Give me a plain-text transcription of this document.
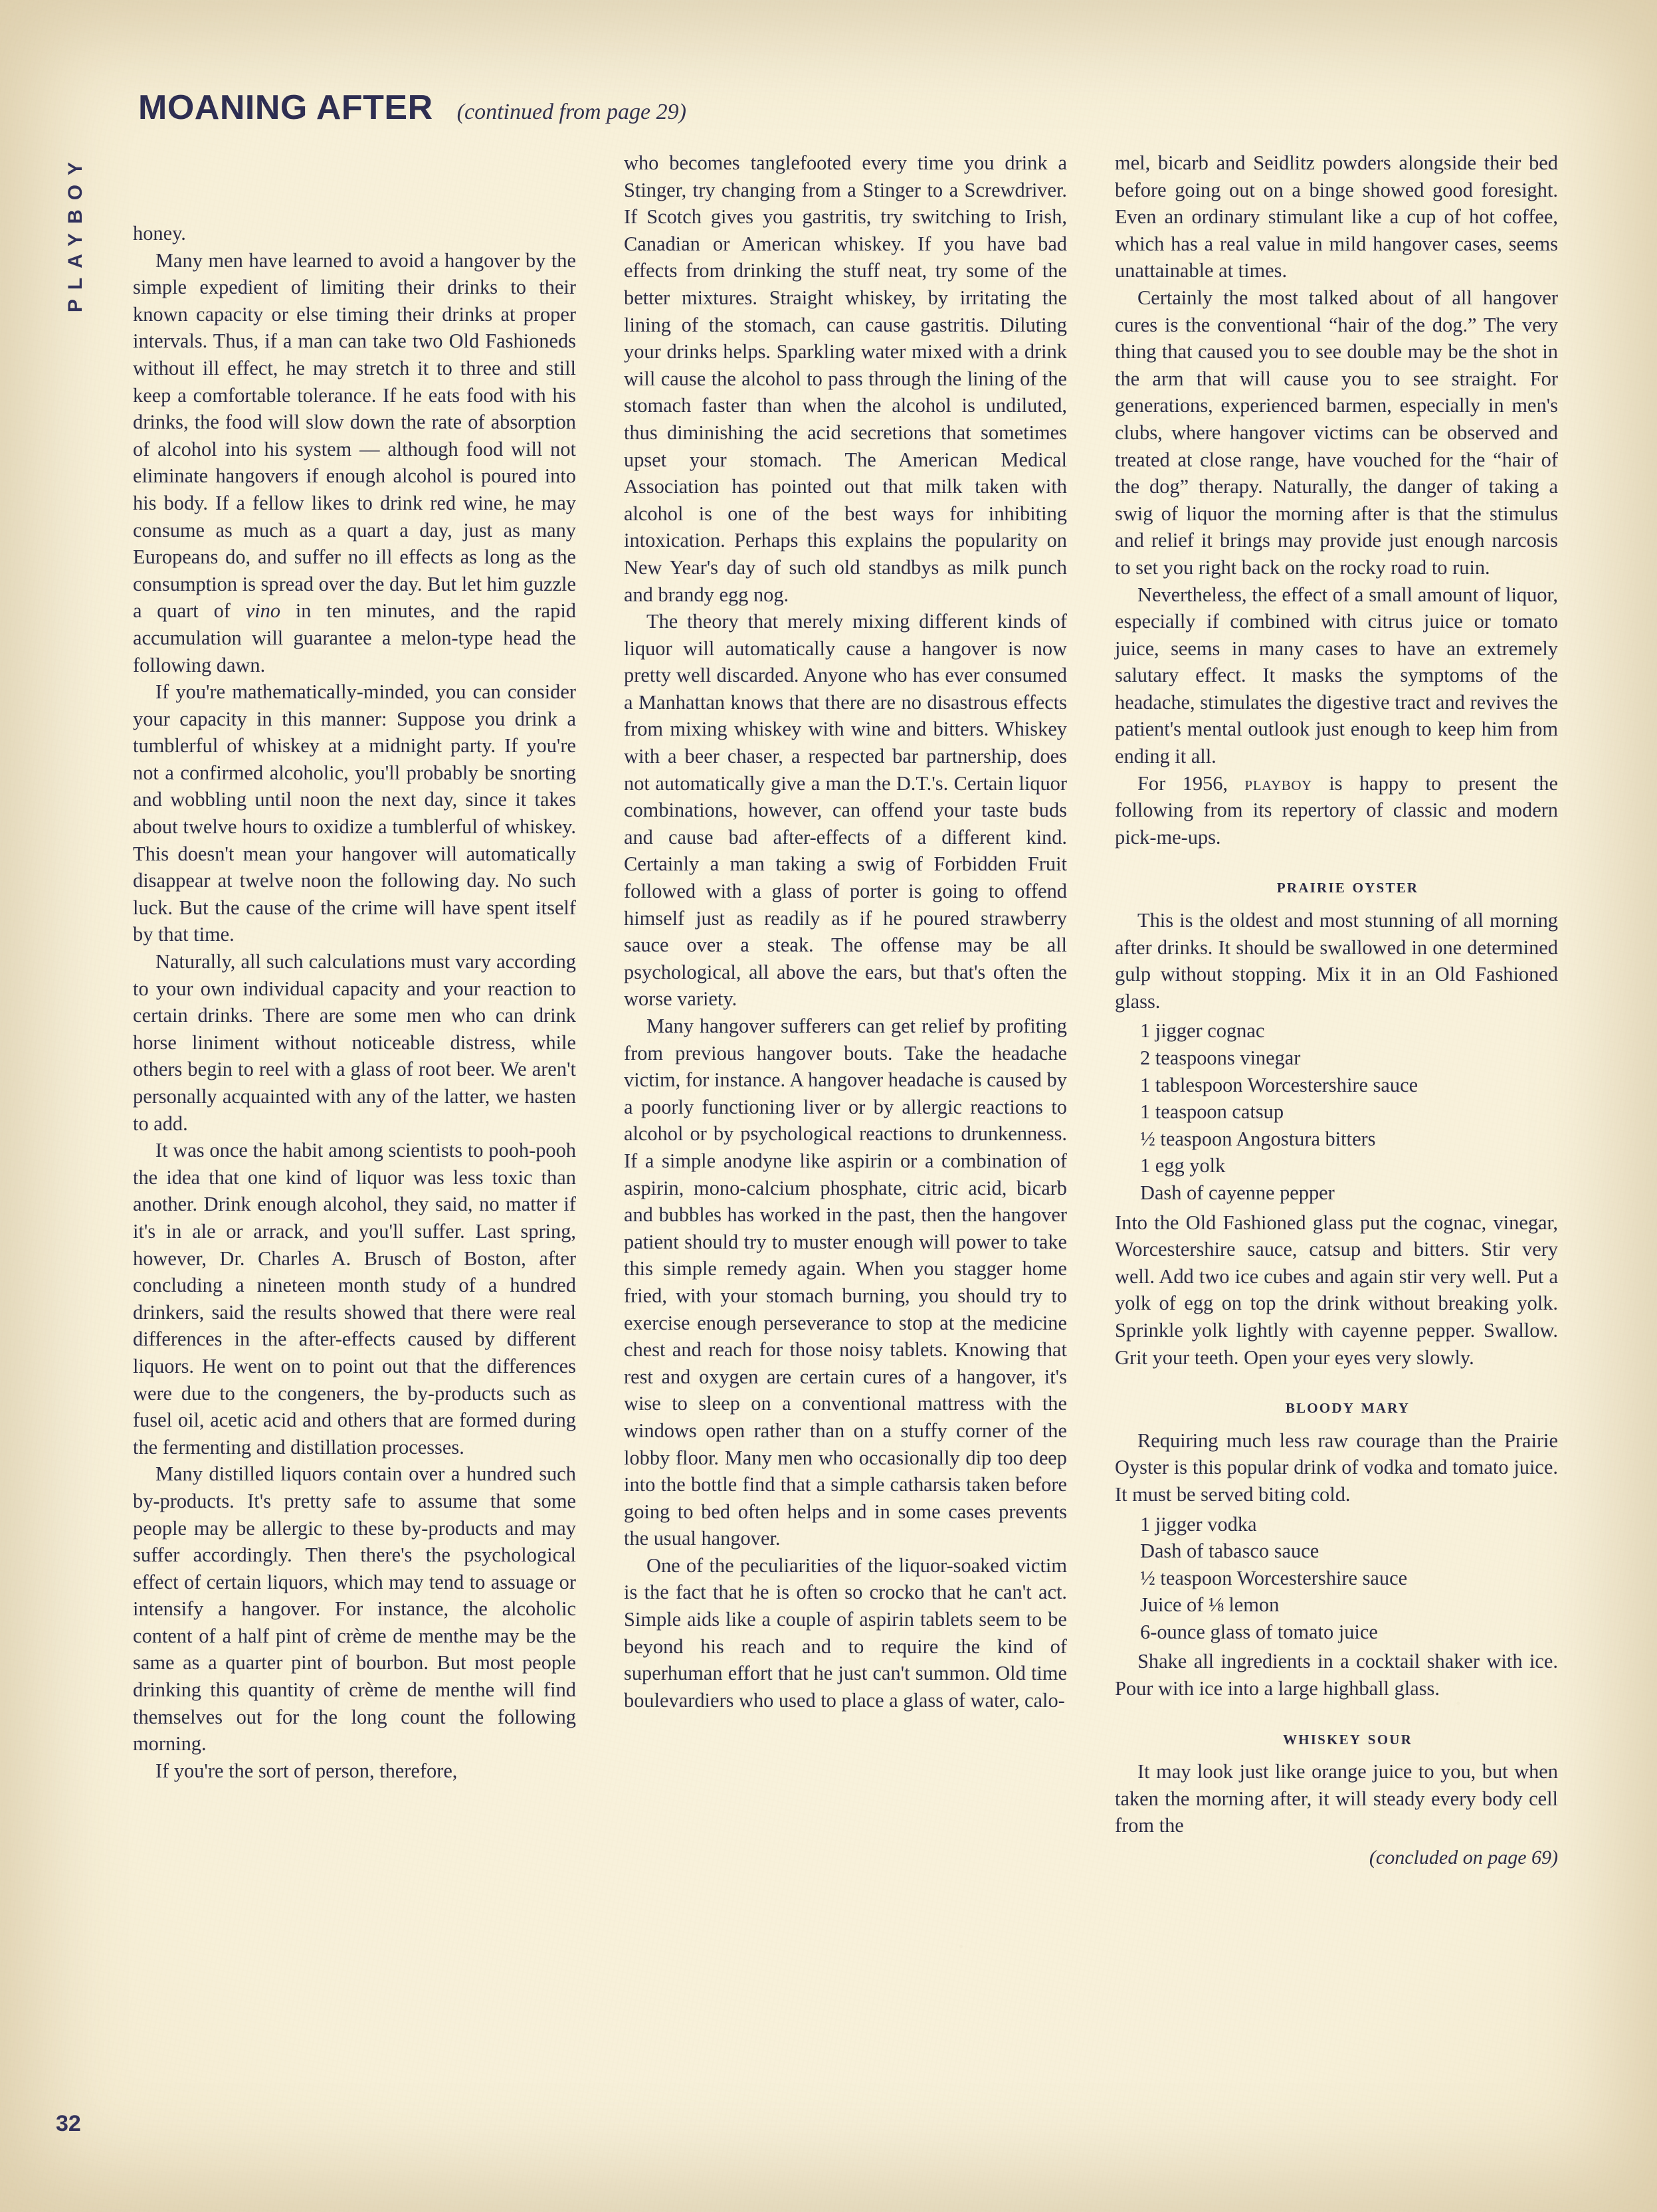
PLAYBOY
MOANING AFTER (continued from page 29)

honey.

Many men have learned to avoid a hangover by the simple expedient of limiting their drinks to their known capacity or else timing their drinks at proper intervals. Thus, if a man can take two Old Fashioneds without ill effect, he may stretch it to three and still keep a comfortable tolerance. If he eats food with his drinks, the food will slow down the rate of absorption of alcohol into his system — although food will not eliminate hangovers if enough alcohol is poured into his body. If a fellow likes to drink red wine, he may consume as much as a quart a day, just as many Europeans do, and suffer no ill effects as long as the consumption is spread over the day. But let him guzzle a quart of vino in ten minutes, and the rapid accumulation will guarantee a melon-type head the following dawn.

If you're mathematically-minded, you can consider your capacity in this manner: Suppose you drink a tumblerful of whiskey at a midnight party. If you're not a confirmed alcoholic, you'll probably be snorting and wobbling until noon the next day, since it takes about twelve hours to oxidize a tumblerful of whiskey. This doesn't mean your hangover will automatically disappear at twelve noon the following day. No such luck. But the cause of the crime will have spent itself by that time.

Naturally, all such calculations must vary according to your own individual capacity and your reaction to certain drinks. There are some men who can drink horse liniment without noticeable distress, while others begin to reel with a glass of root beer. We aren't personally acquainted with any of the latter, we hasten to add.

It was once the habit among scientists to pooh-pooh the idea that one kind of liquor was less toxic than another. Drink enough alcohol, they said, no matter if it's in ale or arrack, and you'll suffer. Last spring, however, Dr. Charles A. Brusch of Boston, after concluding a nineteen month study of a hundred drinkers, said the results showed that there were real differences in the after-effects caused by different liquors. He went on to point out that the differences were due to the congeners, the by-products such as fusel oil, acetic acid and others that are formed during the fermenting and distillation processes.

Many distilled liquors contain over a hundred such by-products. It's pretty safe to assume that some people may be allergic to these by-products and may suffer accordingly. Then there's the psychological effect of certain liquors, which may tend to assuage or intensify a hangover. For instance, the alcoholic content of a half pint of crème de menthe may be the same as a quarter pint of bourbon. But most people drinking this quantity of crème de menthe will find themselves out for the long count the following morning.

If you're the sort of person, therefore,

who becomes tanglefooted every time you drink a Stinger, try changing from a Stinger to a Screwdriver. If Scotch gives you gastritis, try switching to Irish, Canadian or American whiskey. If you have bad effects from drinking the stuff neat, try some of the better mixtures. Straight whiskey, by irritating the lining of the stomach, can cause gastritis. Diluting your drinks helps. Sparkling water mixed with a drink will cause the alcohol to pass through the lining of the stomach faster than when the alcohol is undiluted, thus diminishing the acid secretions that sometimes upset your stomach. The American Medical Association has pointed out that milk taken with alcohol is one of the best ways for inhibiting intoxication. Perhaps this explains the popularity on New Year's day of such old standbys as milk punch and brandy egg nog.

The theory that merely mixing different kinds of liquor will automatically cause a hangover is now pretty well discarded. Anyone who has ever consumed a Manhattan knows that there are no disastrous effects from mixing whiskey with wine and bitters. Whiskey with a beer chaser, a respected bar partnership, does not automatically give a man the D.T.'s. Certain liquor combinations, however, can offend your taste buds and cause bad after-effects of a different kind. Certainly a man taking a swig of Forbidden Fruit followed with a glass of porter is going to offend himself just as readily as if he poured strawberry sauce over a steak. The offense may be all psychological, all above the ears, but that's often the worse variety.

Many hangover sufferers can get relief by profiting from previous hangover bouts. Take the headache victim, for instance. A hangover headache is caused by a poorly functioning liver or by allergic reactions to alcohol or by psychological reactions to drunkenness. If a simple anodyne like aspirin or a combination of aspirin, mono-calcium phosphate, citric acid, bicarb and bubbles has worked in the past, then the hangover patient should try to muster enough will power to take this simple remedy again. When you stagger home fried, with your stomach burning, you should try to exercise enough perseverance to stop at the medicine chest and reach for those noisy tablets. Knowing that rest and oxygen are certain cures of a hangover, it's wise to sleep on a conventional mattress with the windows open rather than on a stuffy corner of the lobby floor. Many men who occasionally dip too deep into the bottle find that a simple catharsis taken before going to bed often helps and in some cases prevents the usual hangover.

One of the peculiarities of the liquor-soaked victim is the fact that he is often so crocko that he can't act. Simple aids like a couple of aspirin tablets seem to be beyond his reach and to require the kind of superhuman effort that he just can't summon. Old time boulevardiers who used to place a glass of water, calo-

mel, bicarb and Seidlitz powders alongside their bed before going out on a binge showed good foresight. Even an ordinary stimulant like a cup of hot coffee, which has a real value in mild hangover cases, seems unattainable at times.

Certainly the most talked about of all hangover cures is the conventional “hair of the dog.” The very thing that caused you to see double may be the shot in the arm that will cause you to see straight. For generations, experienced barmen, especially in men's clubs, where hangover victims can be observed and treated at close range, have vouched for the “hair of the dog” therapy. Naturally, the danger of taking a swig of liquor the morning after is that the stimulus and relief it brings may provide just enough narcosis to set you right back on the rocky road to ruin.

Nevertheless, the effect of a small amount of liquor, especially if combined with citrus juice or tomato juice, seems in many cases to have an extremely salutary effect. It masks the symptoms of the headache, stimulates the digestive tract and revives the patient's mental outlook just enough to keep him from ending it all.

For 1956, playboy is happy to present the following from its repertory of classic and modern pick-me-ups.

prairie oyster

This is the oldest and most stunning of all morning after drinks. It should be swallowed in one determined gulp without stopping. Mix it in an Old Fashioned glass.

1 jigger cognac
2 teaspoons vinegar
1 tablespoon Worcestershire sauce
1 teaspoon catsup
½ teaspoon Angostura bitters
1 egg yolk
Dash of cayenne pepper

Into the Old Fashioned glass put the cognac, vinegar, Worcestershire sauce, catsup and bitters. Stir very well. Add two ice cubes and again stir very well. Put a yolk of egg on top the drink without breaking yolk. Sprinkle yolk lightly with cayenne pepper. Swallow. Grit your teeth. Open your eyes very slowly.

bloody mary

Requiring much less raw courage than the Prairie Oyster is this popular drink of vodka and tomato juice. It must be served biting cold.

1 jigger vodka
Dash of tabasco sauce
½ teaspoon Worcestershire sauce
Juice of ⅛ lemon
6-ounce glass of tomato juice

Shake all ingredients in a cocktail shaker with ice. Pour with ice into a large highball glass.

whiskey sour

It may look just like orange juice to you, but when taken the morning after, it will steady every body cell from the

(concluded on page 69)

32
